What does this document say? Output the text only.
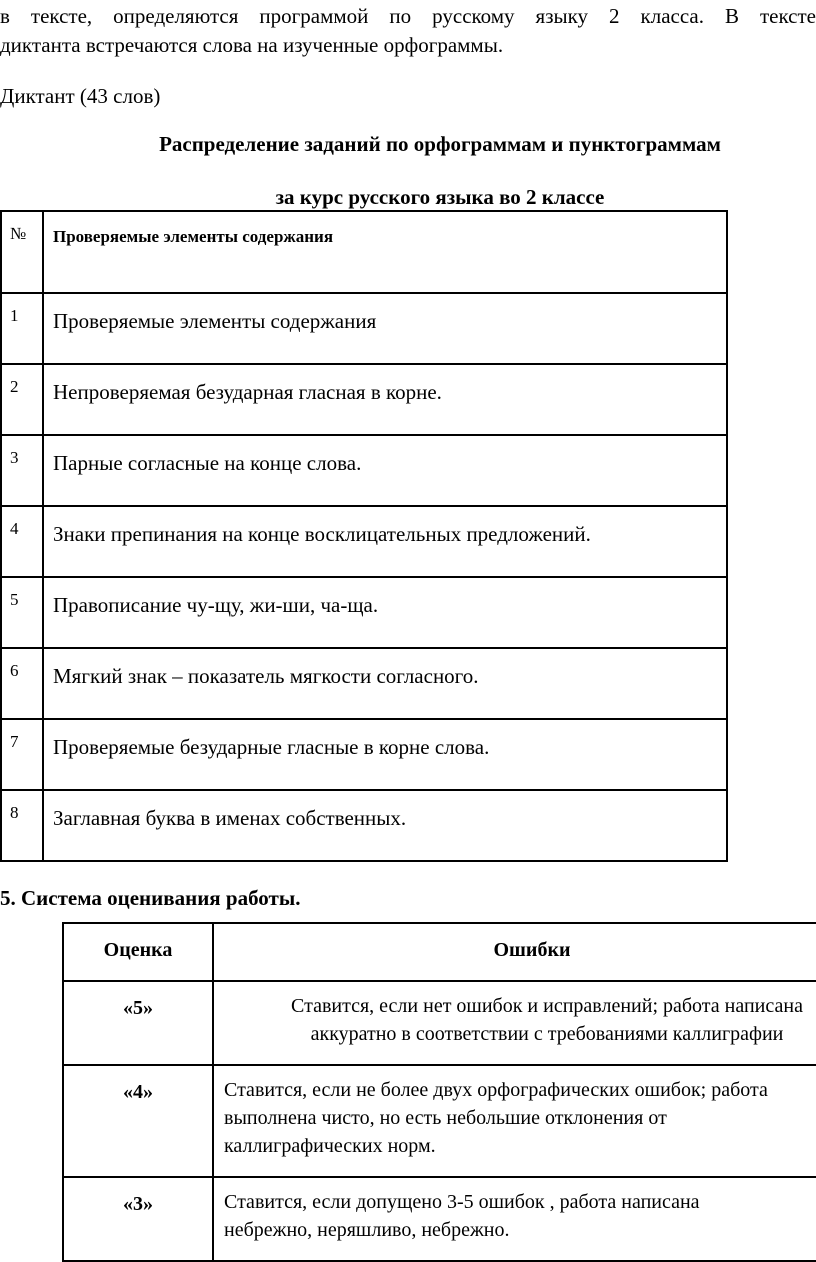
в тексте, определяются программой по русскому языку 2 класса. В тексте
диктанта встречаются слова на изученные орфограммы.

Диктант (43 слов)

Распределение заданий по орфограммам и пунктограммам

за курс русского языка во 2 классе

№	Проверяемые элементы содержания
1	Проверяемые элементы содержания
2	Непроверяемая безударная гласная в корне.
3	Парные согласные на конце слова.
4	Знаки препинания на конце восклицательных предложений.
5	Правописание чу-щу, жи-ши, ча-ща.
6	Мягкий знак – показатель мягкости согласного.
7	Проверяемые безударные гласные в корне слова.
8	Заглавная буква в именах собственных.

5. Система оценивания работы.

Оценка	Ошибки
«5»	Ставится, если нет ошибок и исправлений; работа написана
аккуратно в соответствии с требованиями каллиграфии

«4»	Ставится, если не более двух орфографических ошибок; работа
выполнена чисто, но есть небольшие отклонения от
каллиграфических норм.

«3»	Ставится, если допущено 3-5 ошибок , работа написана
небрежно, неряшливо, небрежно.
